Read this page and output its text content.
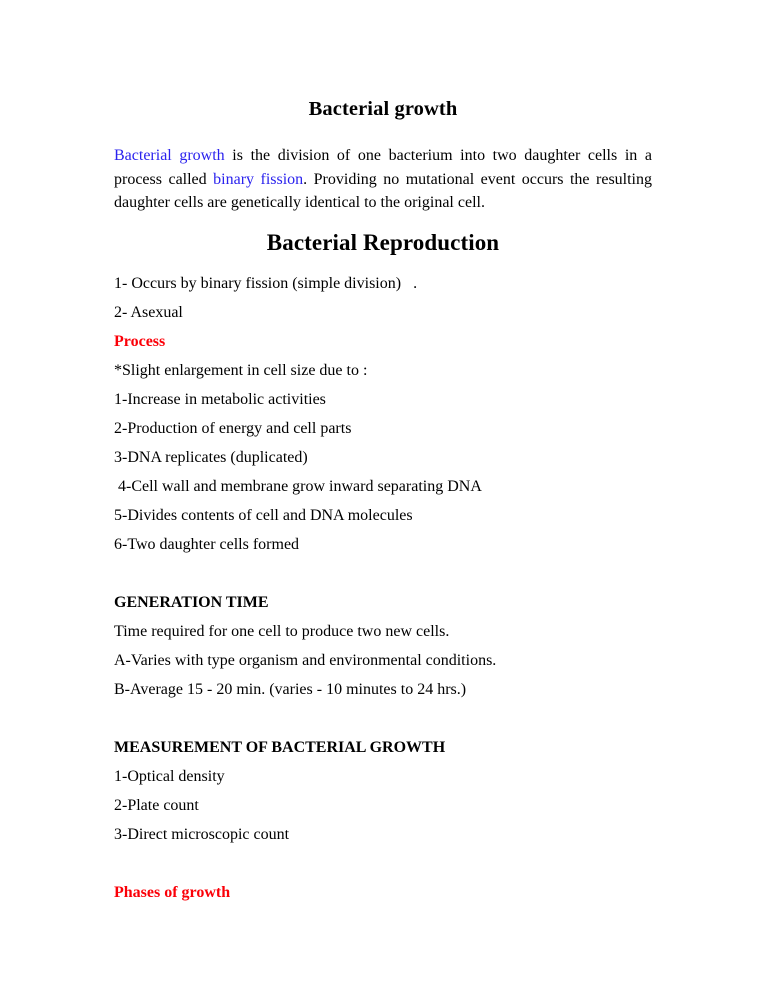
Bacterial growth

Bacterial growth is the division of one bacterium into two daughter cells in a process called binary fission. Providing no mutational event occurs the resulting daughter cells are genetically identical to the original cell.

Bacterial Reproduction

1- Occurs by binary fission (simple division)   .

2- Asexual

Process

*Slight enlargement in cell size due to :

1-Increase in metabolic activities

2-Production of energy and cell parts

3-DNA replicates (duplicated)

4-Cell wall and membrane grow inward separating DNA

5-Divides contents of cell and DNA molecules

6-Two daughter cells formed

GENERATION TIME

Time required for one cell to produce two new cells.

A-Varies with type organism and environmental conditions.

B-Average 15 - 20 min. (varies - 10 minutes to 24 hrs.)

MEASUREMENT OF BACTERIAL GROWTH

1-Optical density

2-Plate count

3-Direct microscopic count

Phases of growth
